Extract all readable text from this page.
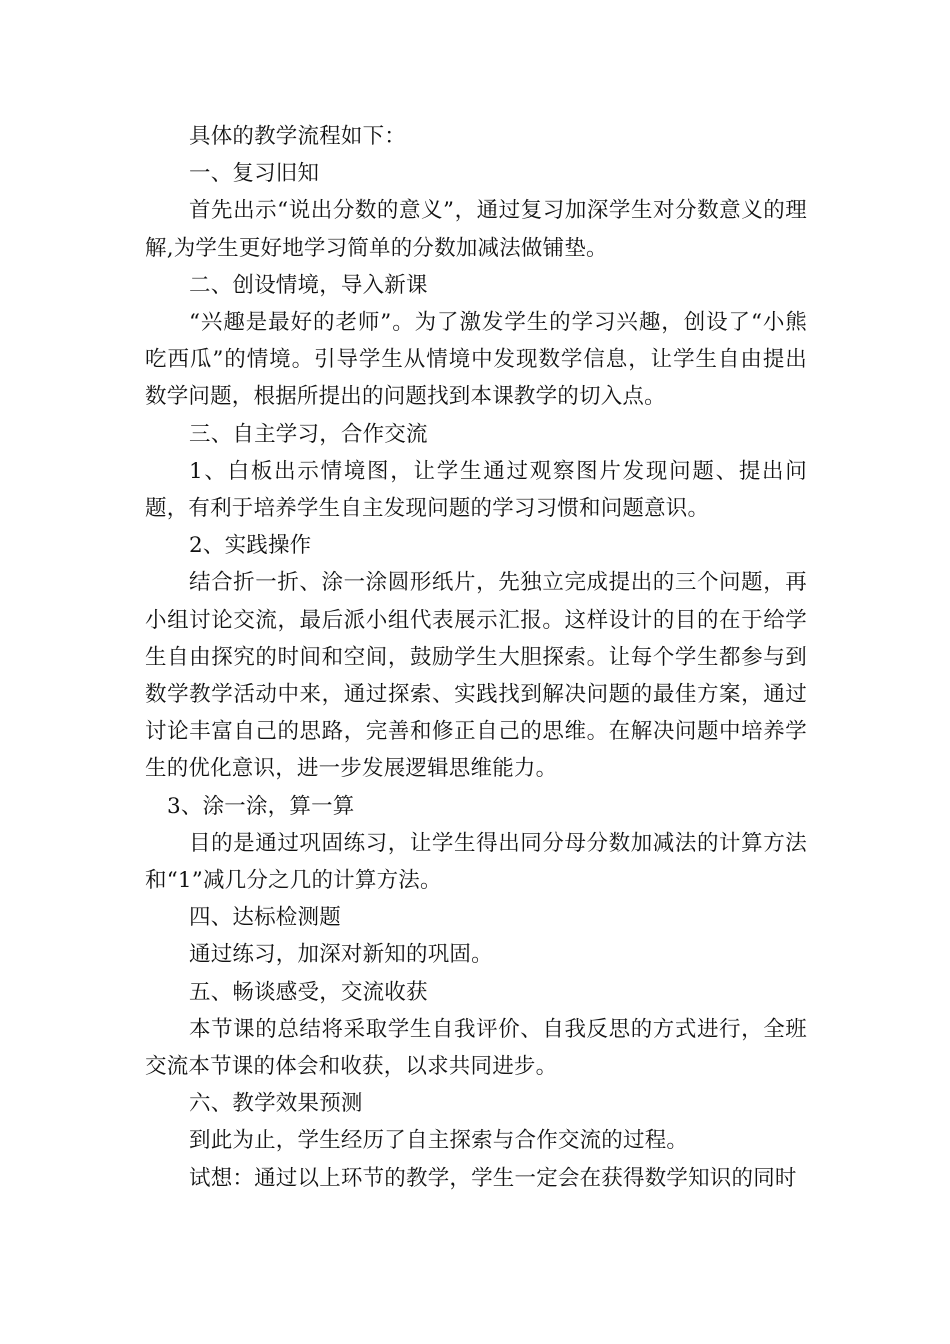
具体的教学流程如下：

一、复习旧知

首先出示“说出分数的意义”，通过复习加深学生对分数意义的理解,为学生更好地学习简单的分数加减法做铺垫。

二、创设情境，导入新课

“兴趣是最好的老师”。为了激发学生的学习兴趣，创设了“小熊吃西瓜”的情境。引导学生从情境中发现数学信息，让学生自由提出数学问题，根据所提出的问题找到本课教学的切入点。

三、自主学习，合作交流

1、白板出示情境图，让学生通过观察图片发现问题、提出问题，有利于培养学生自主发现问题的学习习惯和问题意识。

2、实践操作

结合折一折、涂一涂圆形纸片，先独立完成提出的三个问题，再小组讨论交流，最后派小组代表展示汇报。这样设计的目的在于给学生自由探究的时间和空间，鼓励学生大胆探索。让每个学生都参与到数学教学活动中来，通过探索、实践找到解决问题的最佳方案，通过讨论丰富自己的思路，完善和修正自己的思维。在解决问题中培养学生的优化意识，进一步发展逻辑思维能力。

3、涂一涂，算一算

目的是通过巩固练习，让学生得出同分母分数加减法的计算方法和“1”减几分之几的计算方法。

四、达标检测题

通过练习，加深对新知的巩固。

五、畅谈感受，交流收获

本节课的总结将采取学生自我评价、自我反思的方式进行，全班交流本节课的体会和收获，以求共同进步。

六、教学效果预测

到此为止，学生经历了自主探索与合作交流的过程。

试想：通过以上环节的教学，学生一定会在获得数学知识的同时
